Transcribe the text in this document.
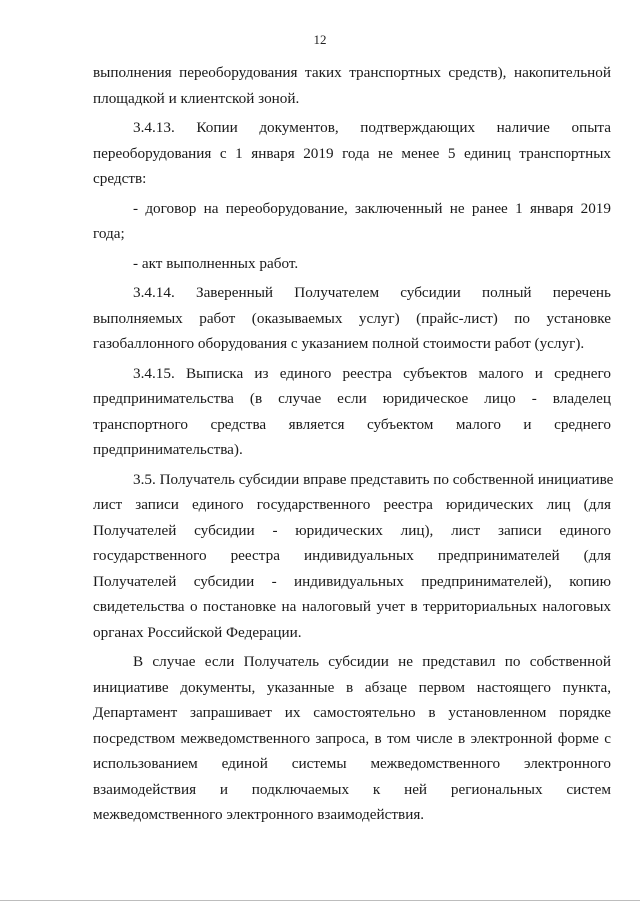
12
выполнения переоборудования таких транспортных средств), накопительной
площадкой и клиентской зоной.
3.4.13. Копии документов, подтверждающих наличие опыта
переоборудования с 1 января 2019 года не менее 5 единиц транспортных
средств:
- договор на переоборудование, заключенный не ранее 1 января 2019
года;
- акт выполненных работ.
3.4.14. Заверенный Получателем субсидии полный перечень
выполняемых работ (оказываемых услуг) (прайс-лист) по установке
газобаллонного оборудования с указанием полной стоимости работ (услуг).
3.4.15. Выписка из единого реестра субъектов малого и среднего
предпринимательства (в случае если юридическое лицо - владелец
транспортного средства является субъектом малого и среднего
предпринимательства).
3.5. Получатель субсидии вправе представить по собственной инициативе
лист записи единого государственного реестра юридических лиц (для
Получателей субсидии - юридических лиц), лист записи единого
государственного реестра индивидуальных предпринимателей (для
Получателей субсидии - индивидуальных предпринимателей), копию
свидетельства о постановке на налоговый учет в территориальных налоговых
органах Российской Федерации.
В случае если Получатель субсидии не представил по собственной
инициативе документы, указанные в абзаце первом настоящего пункта,
Департамент запрашивает их самостоятельно в установленном порядке
посредством межведомственного запроса, в том числе в электронной форме с
использованием единой системы межведомственного электронного
взаимодействия и подключаемых к ней региональных систем
межведомственного электронного взаимодействия.
